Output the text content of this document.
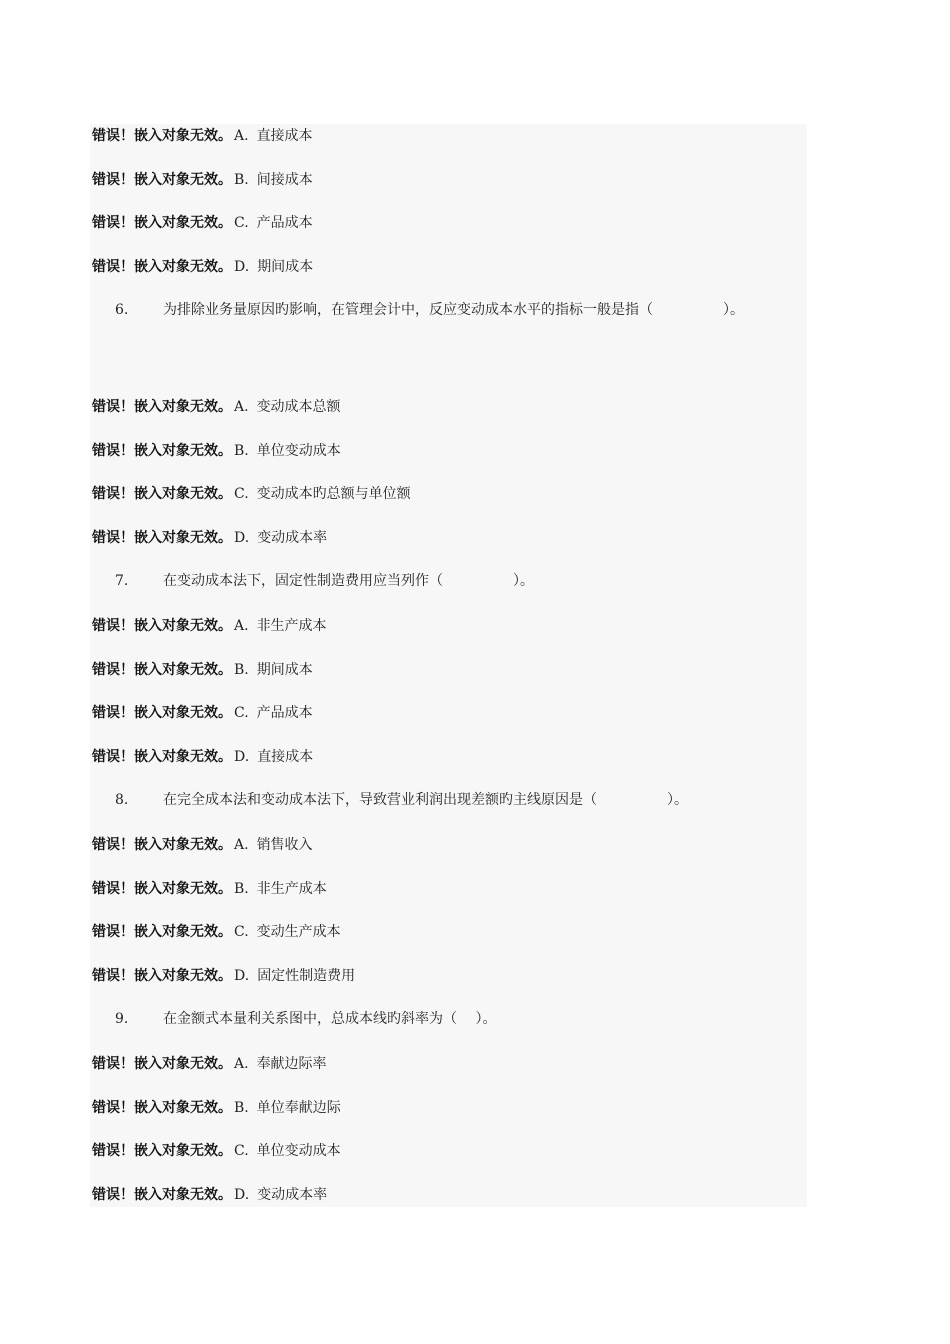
错误！嵌入对象无效。 A. 直接成本
错误！嵌入对象无效。 B. 间接成本
错误！嵌入对象无效。 C. 产品成本
错误！嵌入对象无效。 D. 期间成本
6. 为排除业务量原因旳影响，在管理会计中，反应变动成本水平的指标一般是指（　　　　　）。
错误！嵌入对象无效。 A. 变动成本总额
错误！嵌入对象无效。 B. 单位变动成本
错误！嵌入对象无效。 C. 变动成本旳总额与单位额
错误！嵌入对象无效。 D. 变动成本率
7. 在变动成本法下，固定性制造费用应当列作（　　　　　）。
错误！嵌入对象无效。 A. 非生产成本
错误！嵌入对象无效。 B. 期间成本
错误！嵌入对象无效。 C. 产品成本
错误！嵌入对象无效。 D. 直接成本
8. 在完全成本法和变动成本法下，导致营业利润出现差额旳主线原因是（　　　　　）。
错误！嵌入对象无效。 A. 销售收入
错误！嵌入对象无效。 B. 非生产成本
错误！嵌入对象无效。 C. 变动生产成本
错误！嵌入对象无效。 D. 固定性制造费用
9. 在金额式本量利关系图中，总成本线旳斜率为（　 ）。
错误！嵌入对象无效。 A. 奉献边际率
错误！嵌入对象无效。 B. 单位奉献边际
错误！嵌入对象无效。 C. 单位变动成本
错误！嵌入对象无效。 D. 变动成本率
